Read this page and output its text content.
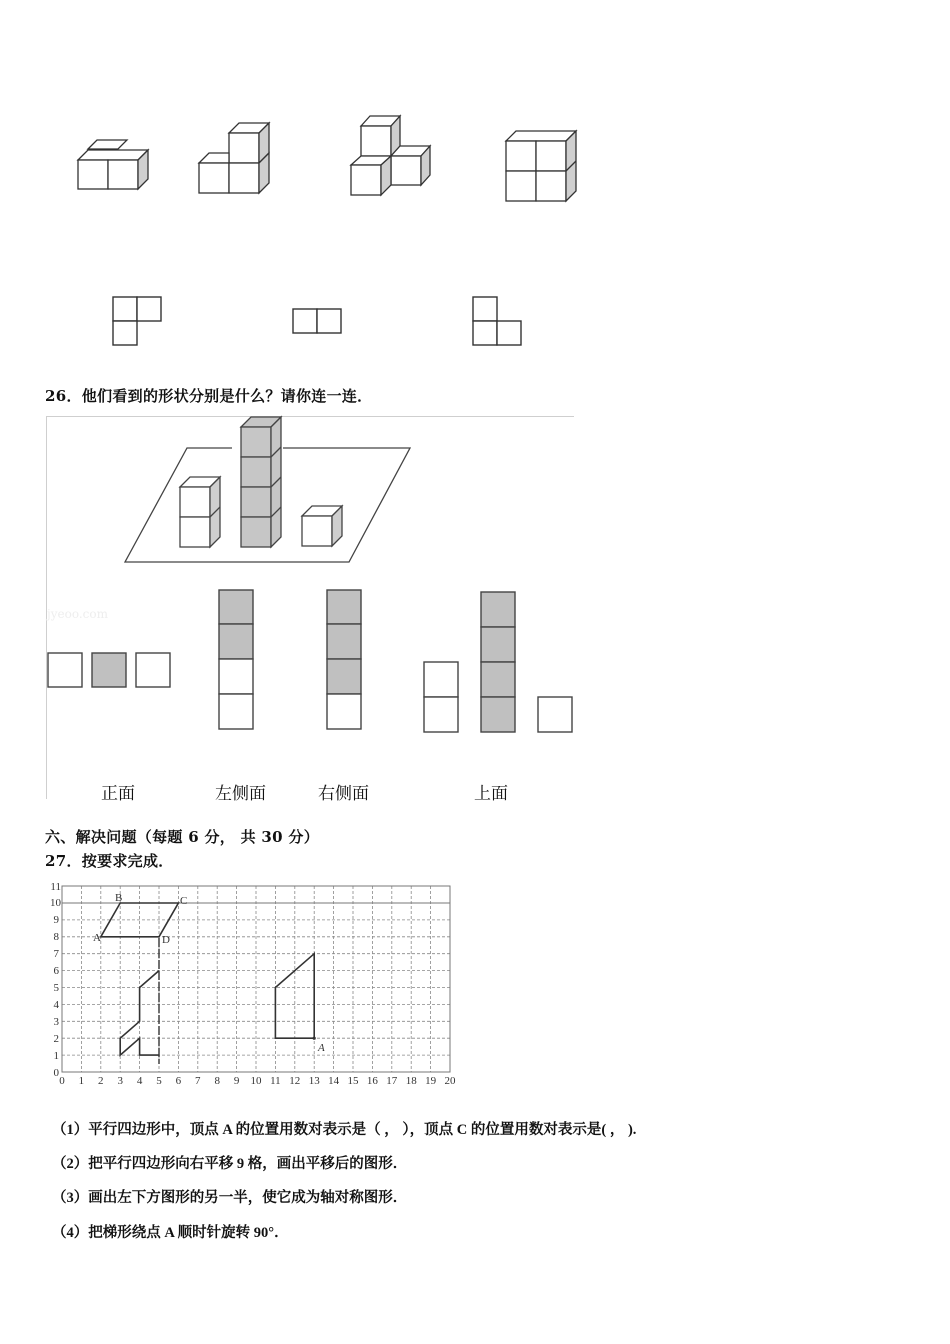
26．他们看到的形状分别是什么？请你连一连．
jyeoo.com
正面	左侧面	右侧面	上面
六、解决问题（每题 6 分， 共 30 分）
27．按要求完成．
0 1 2 3 4 5 6 7 8 9 10 11 12 13 14 15 16 17 18 19 20
0
1
2
3
4
5
6
7
8
9
10
11
A
B	C
D
A
（1）平行四边形中，顶点 A 的位置用数对表示是（ ， ），顶点 C 的位置用数对表示是( ， ).
（2）把平行四边形向右平移 9 格，画出平移后的图形．
（3）画出左下方图形的另一半，使它成为轴对称图形．
（4）把梯形绕点 A 顺时针旋转 90°．
